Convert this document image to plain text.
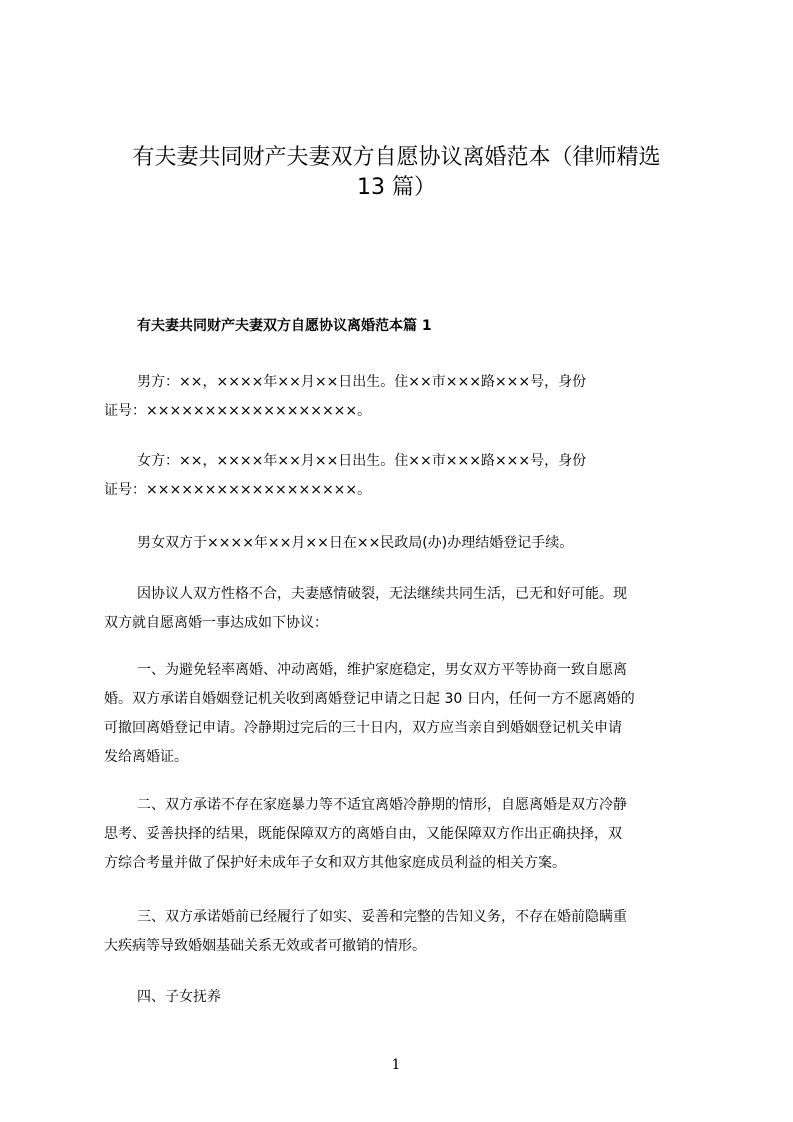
有夫妻共同财产夫妻双方自愿协议离婚范本（律师精选
13 篇）
有夫妻共同财产夫妻双方自愿协议离婚范本篇 1

男方：××，××××年××月××日出生。住××市×××路×××号，身份
证号：××××××××××××××××××。

女方：××，××××年××月××日出生。住××市×××路×××号，身份
证号：××××××××××××××××××。

男女双方于××××年××月××日在××民政局(办)办理结婚登记手续。

因协议人双方性格不合，夫妻感情破裂，无法继续共同生活，已无和好可能。现
双方就自愿离婚一事达成如下协议：

一、为避免轻率离婚、冲动离婚，维护家庭稳定，男女双方平等协商一致自愿离
婚。双方承诺自婚姻登记机关收到离婚登记申请之日起 30 日内，任何一方不愿离婚的
可撤回离婚登记申请。冷静期过完后的三十日内，双方应当亲自到婚姻登记机关申请
发给离婚证。

二、双方承诺不存在家庭暴力等不适宜离婚冷静期的情形，自愿离婚是双方冷静
思考、妥善抉择的结果，既能保障双方的离婚自由，又能保障双方作出正确抉择，双
方综合考量并做了保护好未成年子女和双方其他家庭成员利益的相关方案。

三、双方承诺婚前已经履行了如实、妥善和完整的告知义务，不存在婚前隐瞒重
大疾病等导致婚姻基础关系无效或者可撤销的情形。

四、子女抚养

1
